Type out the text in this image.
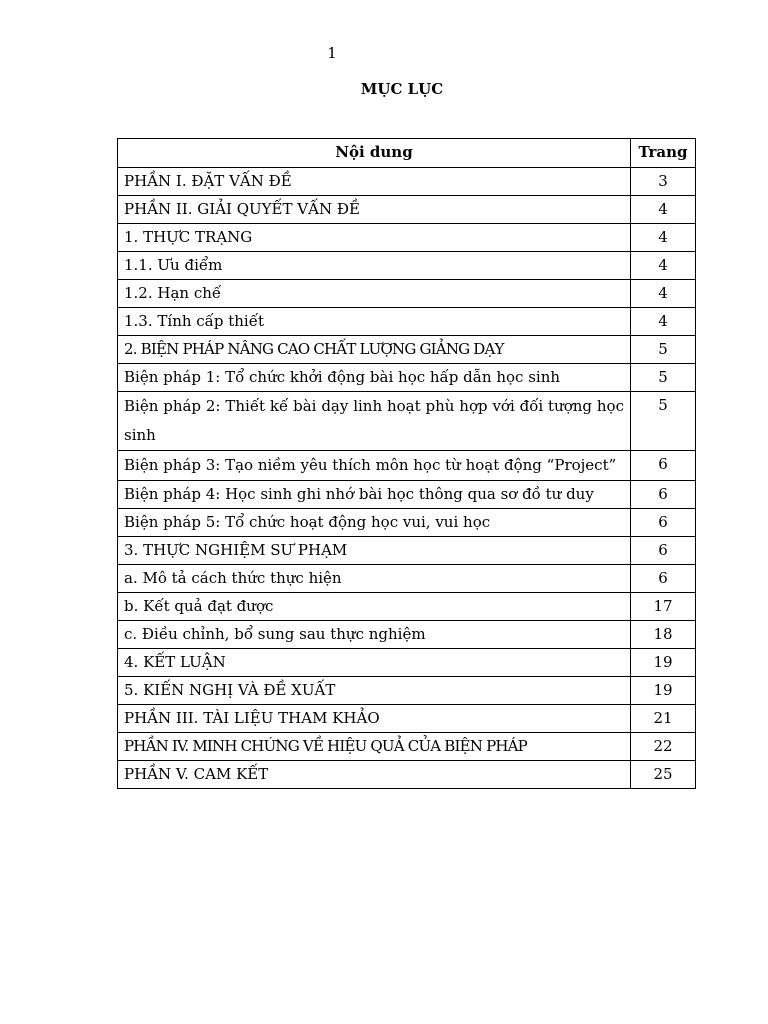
1
MỤC LỤC
Nội dung	Trang
PHẦN I. ĐẶT VẤN ĐỀ	3
PHẦN II. GIẢI QUYẾT VẤN ĐỀ	4
1. THỰC TRẠNG	4
1.1. Ưu điểm	4
1.2. Hạn chế	4
1.3. Tính cấp thiết	4
2. BIỆN PHÁP NÂNG CAO CHẤT LƯỢNG GIẢNG DẠY	5
Biện pháp 1: Tổ chức khởi động bài học hấp dẫn học sinh	5
Biện pháp 2: Thiết kế bài dạy linh hoạt phù hợp với đối tượng học sinh	5
Biện pháp 3: Tạo niềm yêu thích môn học từ hoạt động “Project”	6
Biện pháp 4: Học sinh ghi nhớ bài học thông qua sơ đồ tư duy	6
Biện pháp 5: Tổ chức hoạt động học vui, vui học	6
3. THỰC NGHIỆM SƯ PHẠM	6
a. Mô tả cách thức thực hiện	6
b. Kết quả đạt được	17
c. Điều chỉnh, bổ sung sau thực nghiệm	18
4. KẾT LUẬN	19
5. KIẾN NGHỊ VÀ ĐỀ XUẤT	19
PHẦN III. TÀI LIỆU THAM KHẢO	21
PHẦN IV. MINH CHỨNG VỀ HIỆU QUẢ CỦA BIỆN PHÁP	22
PHẦN V. CAM KẾT	25
